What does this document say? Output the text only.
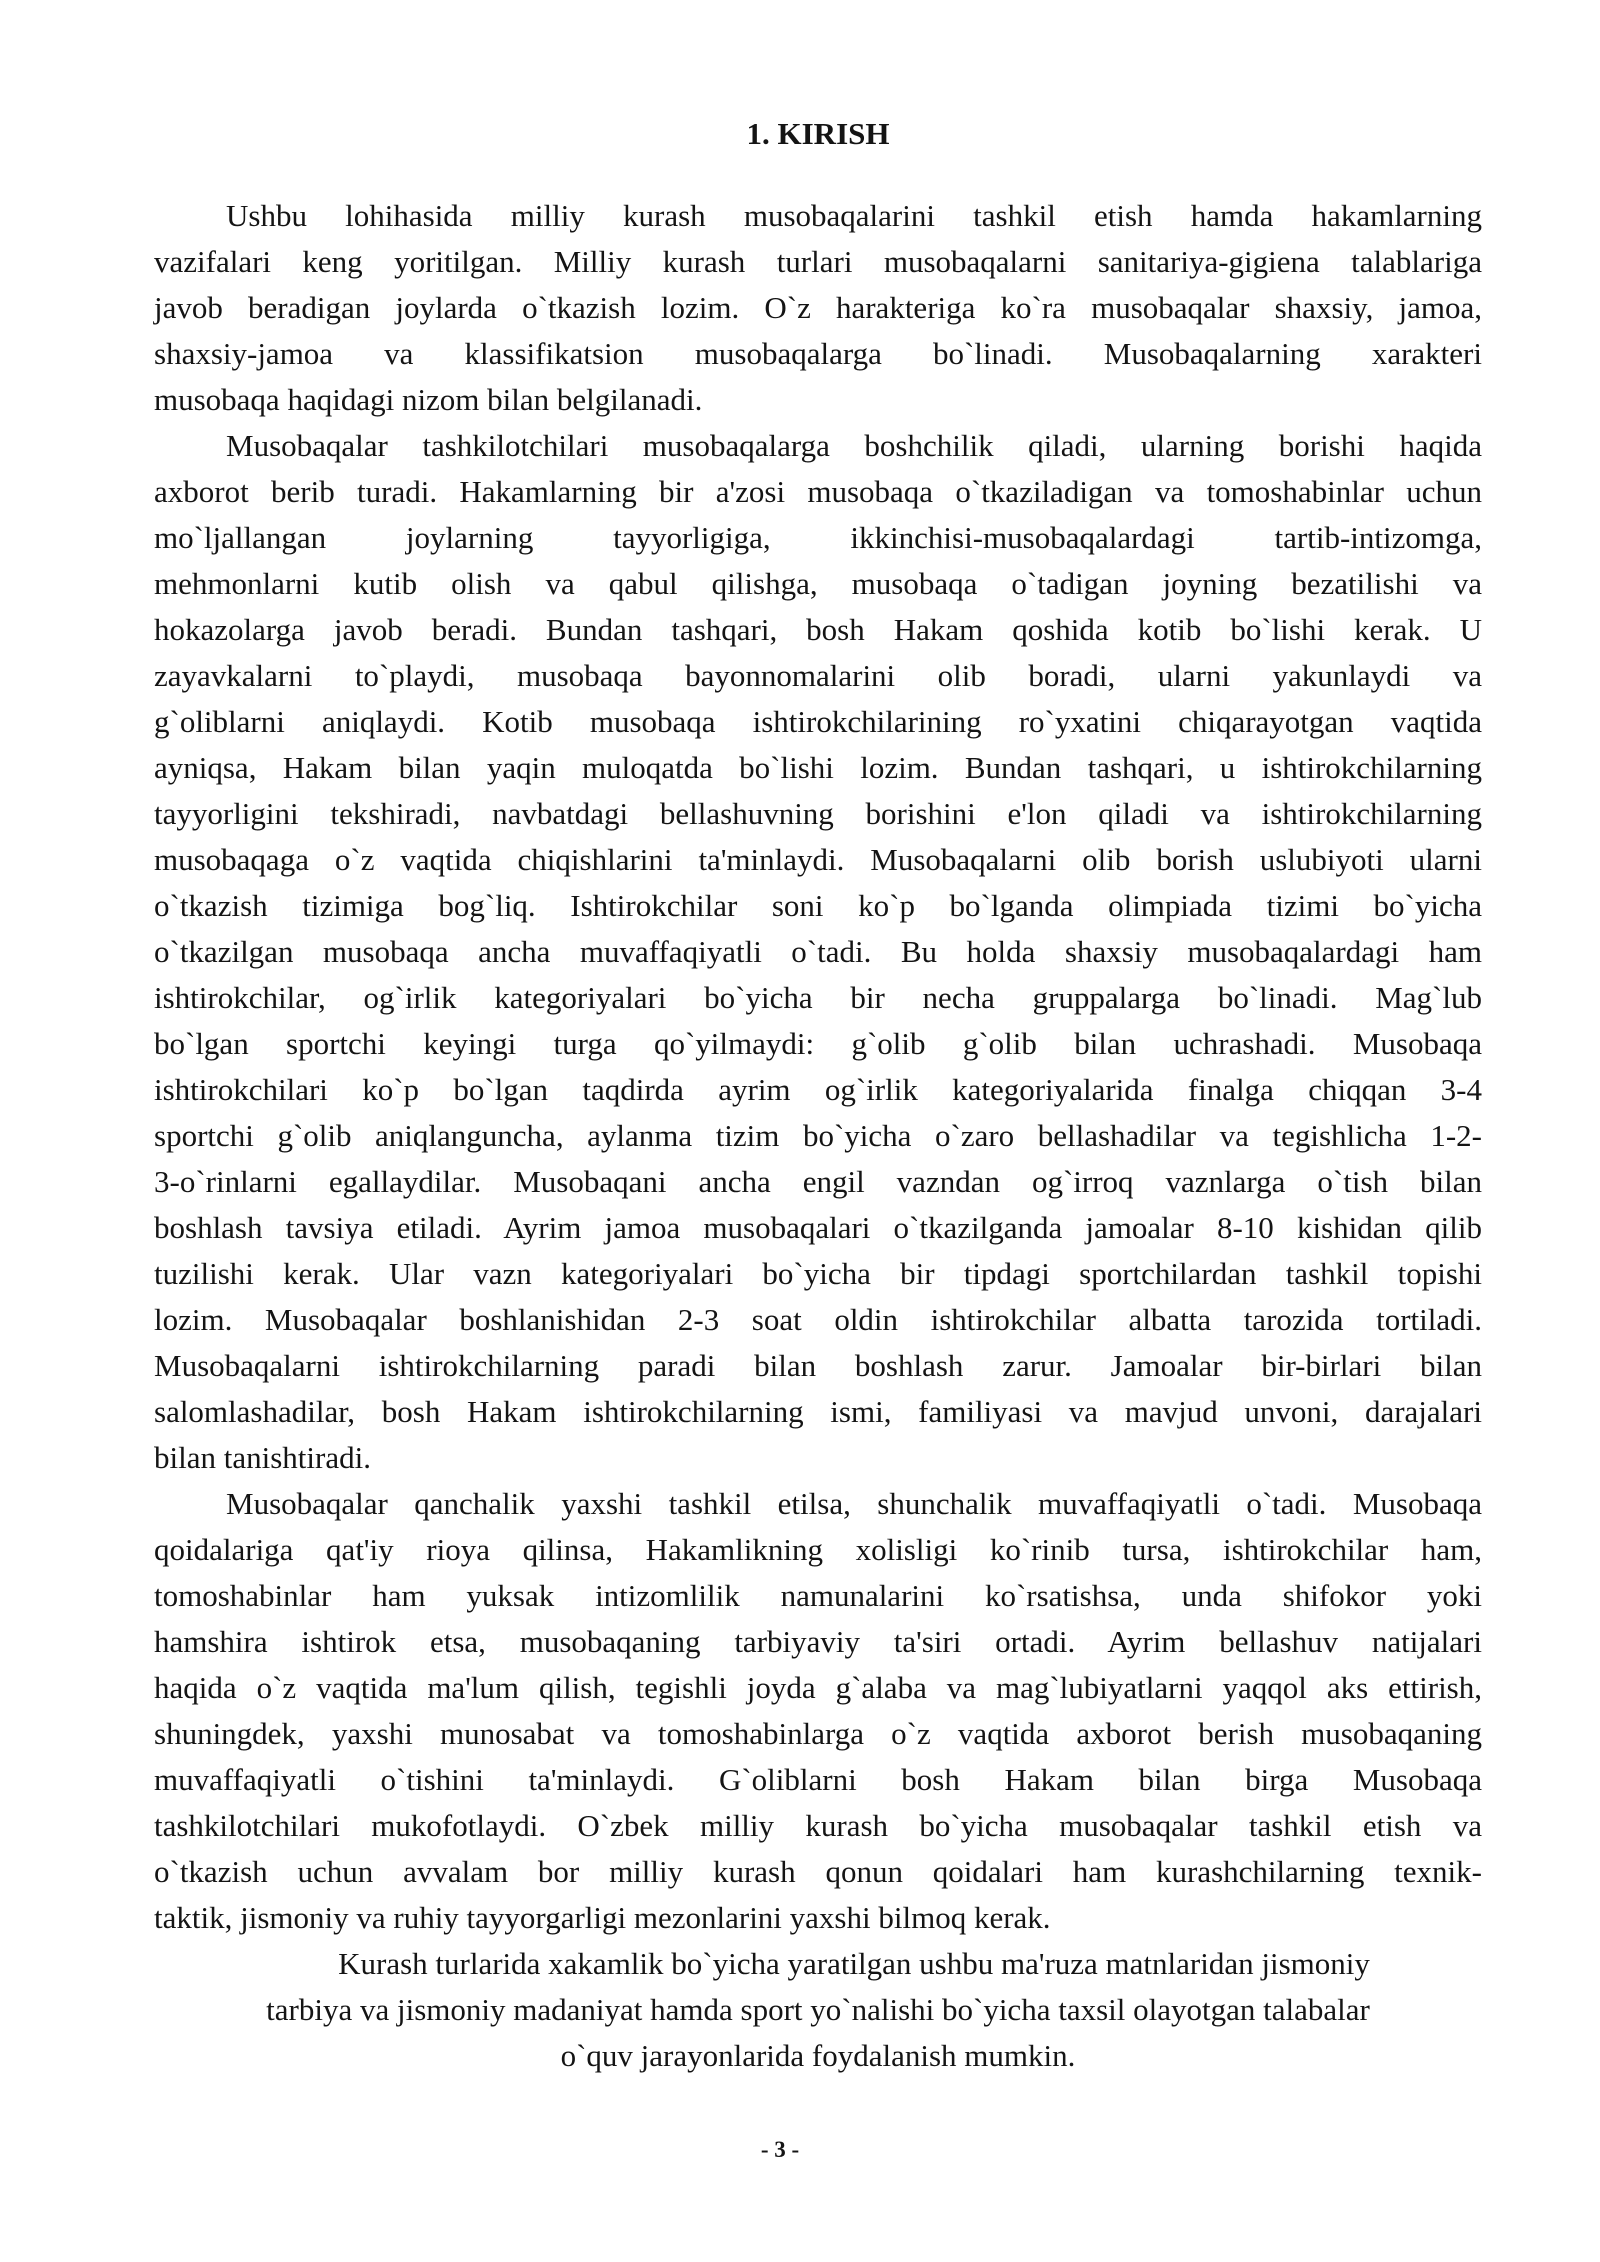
1. KIRISH
Ushbu lohihasida milliy kurash musobaqalarini tashkil etish hamda hakamlarning
vazifalari keng yoritilgan. Milliy kurash turlari musobaqalarni sanitariya-gigiena talablariga
javob beradigan joylarda o`tkazish lozim. O`z harakteriga ko`ra musobaqalar shaxsiy, jamoa,
shaxsiy-jamoa va klassifikatsion musobaqalarga bo`linadi. Musobaqalarning xarakteri
musobaqa haqidagi nizom bilan belgilanadi.
Musobaqalar tashkilotchilari musobaqalarga boshchilik qiladi, ularning borishi haqida
axborot berib turadi. Hakamlarning bir a'zosi musobaqa o`tkaziladigan va tomoshabinlar uchun
mo`ljallangan joylarning tayyorligiga, ikkinchisi-musobaqalardagi tartib-intizomga,
mehmonlarni kutib olish va qabul qilishga, musobaqa o`tadigan joyning bezatilishi va
hokazolarga javob beradi. Bundan tashqari, bosh Hakam qoshida kotib bo`lishi kerak. U
zayavkalarni to`playdi, musobaqa bayonnomalarini olib boradi, ularni yakunlaydi va
g`oliblarni aniqlaydi. Kotib musobaqa ishtirokchilarining ro`yxatini chiqarayotgan vaqtida
ayniqsa, Hakam bilan yaqin muloqatda bo`lishi lozim. Bundan tashqari, u ishtirokchilarning
tayyorligini tekshiradi, navbatdagi bellashuvning borishini e'lon qiladi va ishtirokchilarning
musobaqaga o`z vaqtida chiqishlarini ta'minlaydi. Musobaqalarni olib borish uslubiyoti ularni
o`tkazish tizimiga bog`liq. Ishtirokchilar soni ko`p bo`lganda olimpiada tizimi bo`yicha
o`tkazilgan musobaqa ancha muvaffaqiyatli o`tadi. Bu holda shaxsiy musobaqalardagi ham
ishtirokchilar, og`irlik kategoriyalari bo`yicha bir necha gruppalarga bo`linadi. Mag`lub
bo`lgan sportchi keyingi turga qo`yilmaydi: g`olib g`olib bilan uchrashadi. Musobaqa
ishtirokchilari ko`p bo`lgan taqdirda ayrim og`irlik kategoriyalarida finalga chiqqan 3-4
sportchi g`olib aniqlanguncha, aylanma tizim bo`yicha o`zaro bellashadilar va tegishlicha 1-2-
3-o`rinlarni egallaydilar. Musobaqani ancha engil vazndan og`irroq vaznlarga o`tish bilan
boshlash tavsiya etiladi. Ayrim jamoa musobaqalari o`tkazilganda jamoalar 8-10 kishidan qilib
tuzilishi kerak. Ular vazn kategoriyalari bo`yicha bir tipdagi sportchilardan tashkil topishi
lozim. Musobaqalar boshlanishidan 2-3 soat oldin ishtirokchilar albatta tarozida tortiladi.
Musobaqalarni ishtirokchilarning paradi bilan boshlash zarur. Jamoalar bir-birlari bilan
salomlashadilar, bosh Hakam ishtirokchilarning ismi, familiyasi va mavjud unvoni, darajalari
bilan tanishtiradi.
Musobaqalar qanchalik yaxshi tashkil etilsa, shunchalik muvaffaqiyatli o`tadi. Musobaqa
qoidalariga qat'iy rioya qilinsa, Hakamlikning xolisligi ko`rinib tursa, ishtirokchilar ham,
tomoshabinlar ham yuksak intizomlilik namunalarini ko`rsatishsa, unda shifokor yoki
hamshira ishtirok etsa, musobaqaning tarbiyaviy ta'siri ortadi. Ayrim bellashuv natijalari
haqida o`z vaqtida ma'lum qilish, tegishli joyda g`alaba va mag`lubiyatlarni yaqqol aks ettirish,
shuningdek, yaxshi munosabat va tomoshabinlarga o`z vaqtida axborot berish musobaqaning
muvaffaqiyatli o`tishini ta'minlaydi. G`oliblarni bosh Hakam bilan birga Musobaqa
tashkilotchilari mukofotlaydi. O`zbek milliy kurash bo`yicha musobaqalar tashkil etish va
o`tkazish uchun avvalam bor milliy kurash qonun qoidalari ham kurashchilarning texnik-
taktik, jismoniy va ruhiy tayyorgarligi mezonlarini yaxshi bilmoq kerak.
Kurash turlarida xakamlik bo`yicha yaratilgan ushbu ma'ruza matnlaridan jismoniy
tarbiya va jismoniy madaniyat hamda sport yo`nalishi bo`yicha taxsil olayotgan talabalar
o`quv jarayonlarida foydalanish mumkin.
- 3 -
